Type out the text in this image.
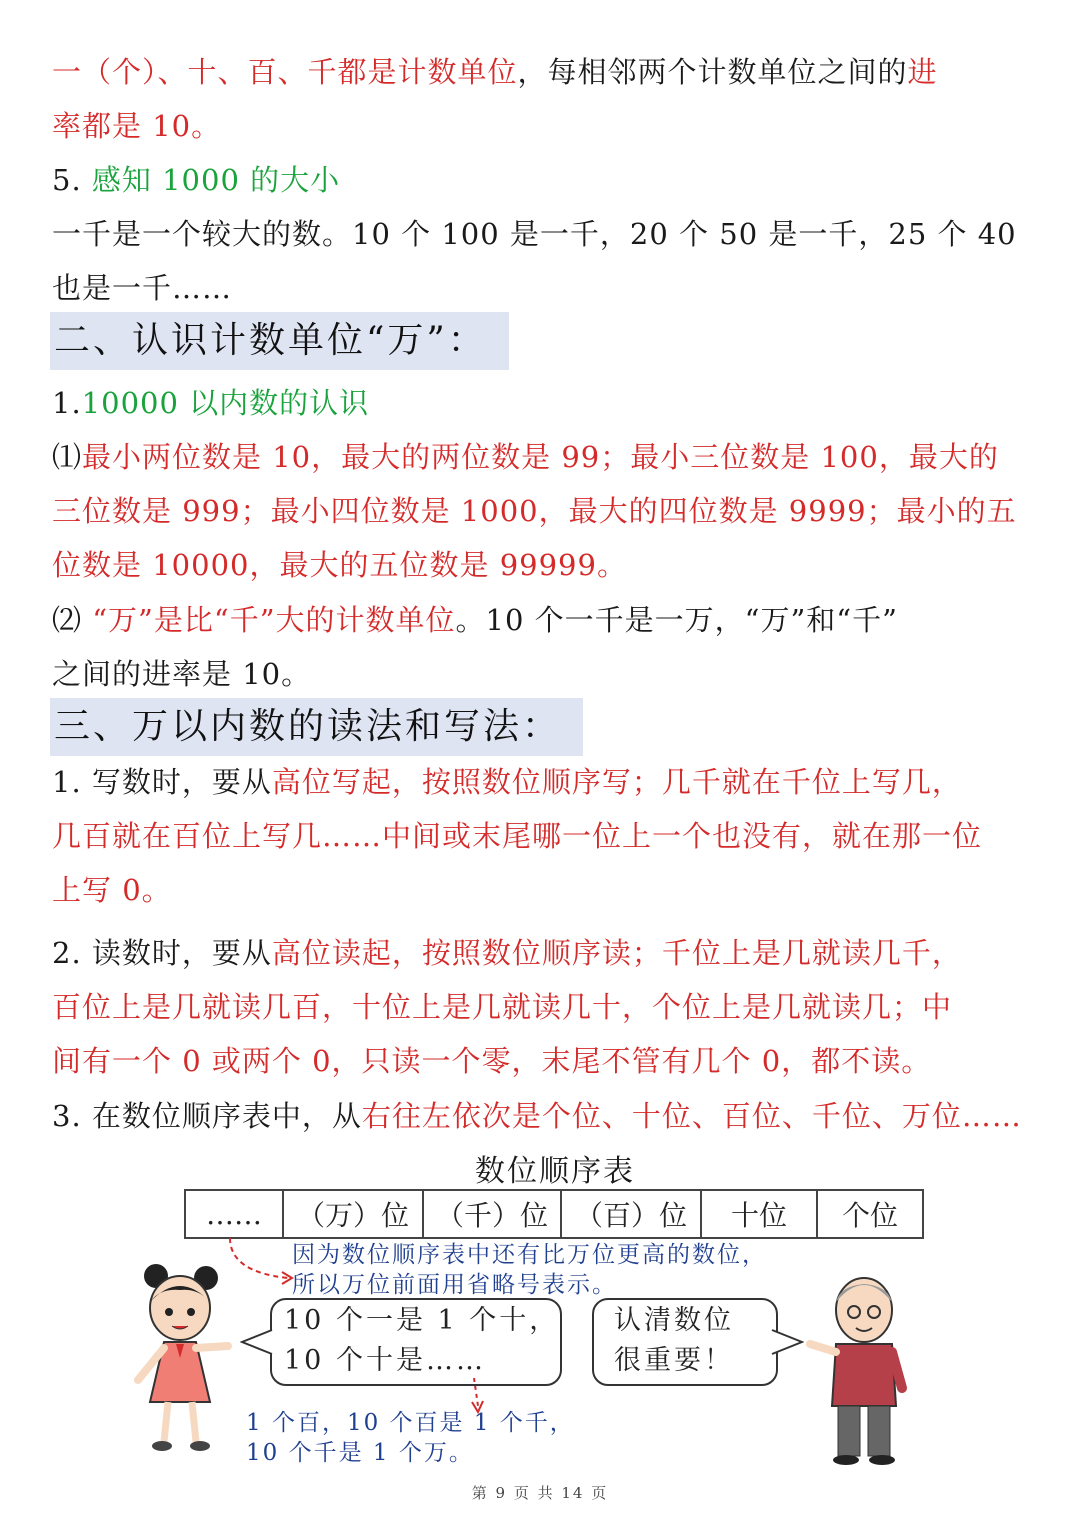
一（个）、十、百、千都是计数单位，每相邻两个计数单位之间的进
率都是 10。
5. 感知 1000 的大小
一千是一个较大的数。10 个 100 是一千，20 个 50 是一千，25 个 40
也是一千……
二、认识计数单位“万”：
1.10000 以内数的认识
⑴最小两位数是 10，最大的两位数是 99；最小三位数是 100，最大的
三位数是 999；最小四位数是 1000，最大的四位数是 9999；最小的五
位数是 10000，最大的五位数是 99999。
⑵ “万”是比“千”大的计数单位。10 个一千是一万，“万”和“千”
之间的进率是 10。
三、万以内数的读法和写法：
1. 写数时，要从高位写起，按照数位顺序写；几千就在千位上写几，
几百就在百位上写几……中间或末尾哪一位上一个也没有，就在那一位
上写 0。
2. 读数时，要从高位读起，按照数位顺序读；千位上是几就读几千，
百位上是几就读几百，十位上是几就读几十，个位上是几就读几；中
间有一个 0 或两个 0，只读一个零，末尾不管有几个 0，都不读。
3. 在数位顺序表中，从右往左依次是个位、十位、百位、千位、万位……
数位顺序表
……	（万）位	（千）位	（百）位	十位	个位
因为数位顺序表中还有比万位更高的数位，
所以万位前面用省略号表示。
10 个一是 1 个十，
10 个十是……
1 个百，10 个百是 1 个千，
10 个千是 1 个万。
认清数位
很重要！
第 9 页 共 14 页
